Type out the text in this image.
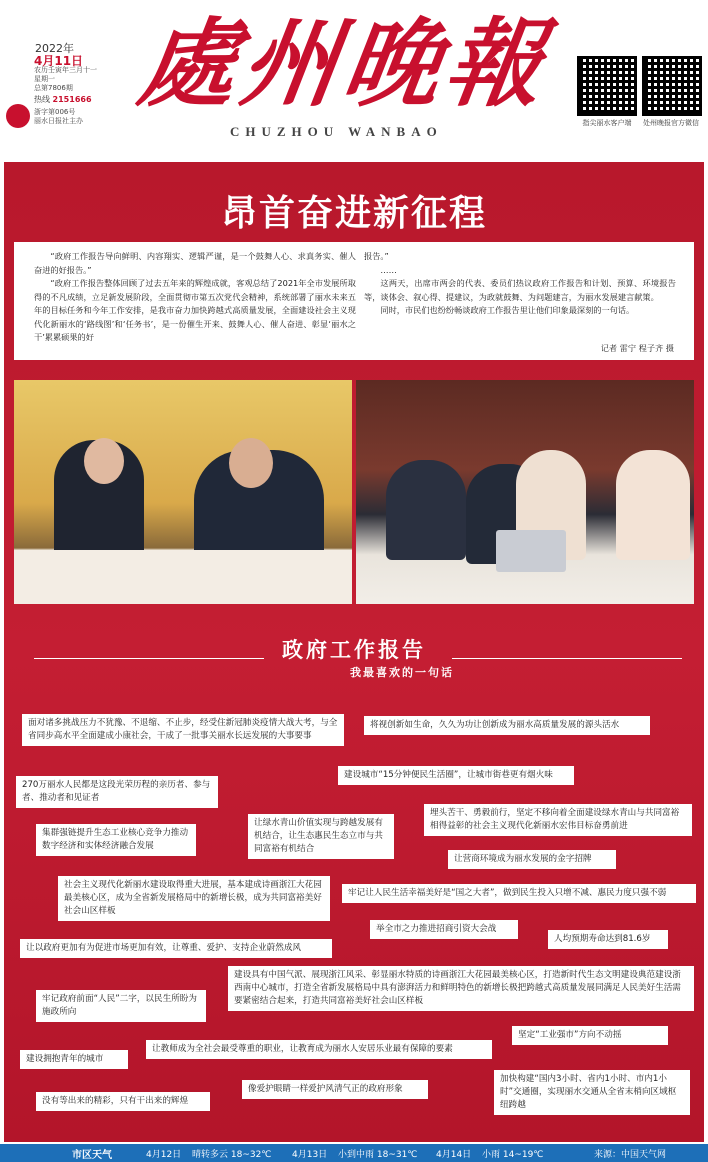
2022年
4月11日
农历壬寅年三月十一
星期一
总第7806期
热线 2151666
浙字第006号
丽水日报社主办
處州晚報
CHUZHOU WANBAO
指尖丽水客户端	处州晚报官方微信
昂首奋进新征程

“政府工作报告导向鲜明、内容翔实、逻辑严谨，是一个鼓舞人心、求真务实、催人奋进的好报告。”

“政府工作报告整体回顾了过去五年来的辉煌成就，客观总结了2021年全市发展所取得的不凡成绩，立足新发展阶段，全面贯彻市第五次党代会精神，系统部署了丽水未来五年的目标任务和今年工作安排，是我市奋力加快跨越式高质量发展，全面建设社会主义现代化新丽水的‘路线图’和‘任务书’，是一份催生开来、鼓舞人心、催人奋进、彰显‘丽水之干’累累硕果的好

报告。”

……

这两天，出席市两会的代表、委员们热议政府工作报告和计划、预算、环境报告等，谈体会、叙心得、提建议，为政就鼓舞、为问题建言，为丽水发展建言献策。

同时，市民们也纷纷畅谈政府工作报告里让他们印象最深刻的一句话。

记者 雷宁 程子齐 摄
政府工作报告
我最喜欢的一句话
面对诸多挑战压力不犹豫、不退缩、不止步，经受住新冠肺炎疫情大战大考，与全省同步高水平全面建成小康社会，干成了一批事关丽水长远发展的大事要事
将视创新如生命，久久为功让创新成为丽水高质量发展的源头活水
270万丽水人民都是这段光荣历程的亲历者、参与者、推动者和见证者
建设城市“15分钟便民生活圈”，让城市街巷更有烟火味
埋头苦干、勇毅前行，坚定不移向着全面建设绿水青山与共同富裕相得益彰的社会主义现代化新丽水宏伟目标奋勇前进
集群强链提升生态工业核心竞争力推动数字经济和实体经济融合发展
让绿水青山价值实现与跨越发展有机结合，让生态惠民生态立市与共同富裕有机结合
让营商环境成为丽水发展的金字招牌
社会主义现代化新丽水建设取得重大进展，基本建成诗画浙江大花园最美核心区，成为全省新发展格局中的新增长极，成为共同富裕美好社会山区样板
牢记让人民生活幸福美好是“国之大者”，做到民生投入只增不减、惠民力度只强不弱
举全市之力推进招商引资大会战
人均预期寿命达到81.6岁
让以政府更加有为促进市场更加有效，让尊重、爱护、支持企业蔚然成风
建设具有中国气派、展现浙江风采、彰显丽水特质的诗画浙江大花园最美核心区，打造新时代生态文明建设典范建设浙西南中心城市，打造全省新发展格局中具有澎湃活力和鲜明特色的新增长极把跨越式高质量发展同满足人民美好生活需要紧密结合起来，打造共同富裕美好社会山区样板
牢记政府前面“人民”二字，以民生所盼为施政所向
坚定“工业强市”方向不动摇
建设拥抱青年的城市
让教师成为全社会最受尊重的职业，让教育成为丽水人安居乐业最有保障的要素
加快构建“国内3小时、省内1小时、市内1小时”交通圈，实现丽水交通从全省末梢向区域枢纽跨越
像爱护眼睛一样爱护风清气正的政府形象
没有等出来的精彩，只有干出来的辉煌
市区天气	4月12日 晴转多云 18~32℃ 4月13日 小到中雨 18~31℃ 4月14日 小雨 14~19℃	来源：中国天气网
